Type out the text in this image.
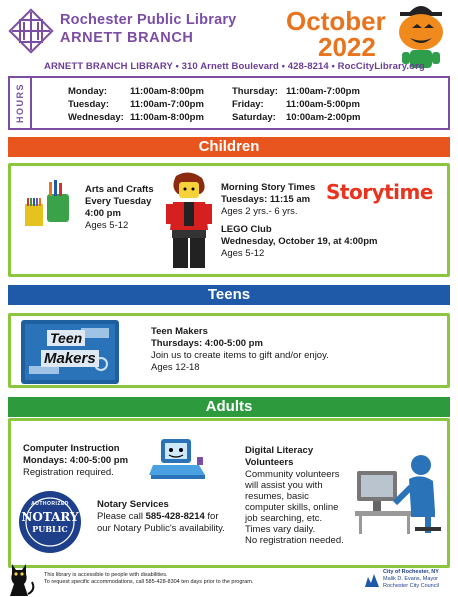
Rochester Public Library
ARNETT BRANCH
October
2022
ARNETT BRANCH LIBRARY • 310 Arnett Boulevard • 428-8214 • RocCityLibrary.org
HOURS	Monday: 11:00am-8:00pm
Tuesday: 11:00am-7:00pm
Wednesday: 11:00am-8:00pm
Thursday: 11:00am-7:00pm
Friday: 11:00am-5:00pm
Saturday: 10:00am-2:00pm
Children
Arts and Crafts
Every Tuesday
4:00 pm
Ages 5-12
Morning Story Times
Tuesdays: 11:15 am
Ages 2 yrs.- 6 yrs.
Storytime
LEGO Club
Wednesday, October 19, at 4:00pm
Ages 5-12
Teens
Teen
Makers
Teen Makers
Thursdays: 4:00-5:00 pm
Join us to create items to gift and/or enjoy.
Ages 12-18
Adults
Computer Instruction
Mondays: 4:00-5:00 pm
Registration required.
AUTHORIZED
NOTARY
PUBLIC
Notary Services
Please call 585-428-8214 for
our Notary Public's availability.
Digital Literacy
Volunteers
Community volunteers
will assist you with
resumes, basic
computer skills, online
job searching, etc.
Times vary daily.
No registration needed.
This library is accessible to people with disabilities.
To request specific accommodations, call 585-428-8304 ten days prior to the program.
City of Rochester, NY
Malik D. Evans, Mayor
Rochester City Council
